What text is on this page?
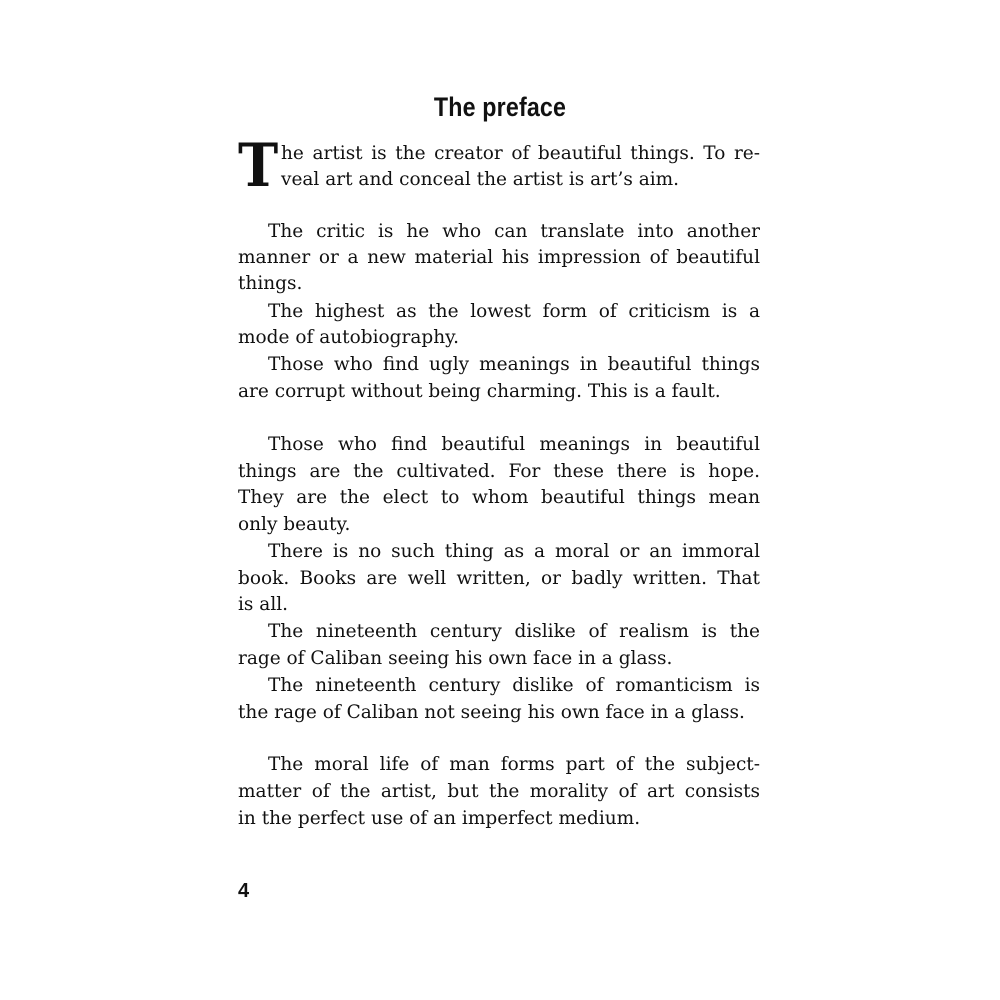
The preface
T he artist is the creator of beautiful things. To re-
veal art and conceal the artist is art’s aim.
The critic is he who can translate into another
manner or a new material his impression of beautiful
things.
The highest as the lowest form of criticism is a
mode of autobiography.
Those who find ugly meanings in beautiful things
are corrupt without being charming. This is a fault.
Those who find beautiful meanings in beautiful
things are the cultivated. For these there is hope.
They are the elect to whom beautiful things mean
only beauty.
There is no such thing as a moral or an immoral
book. Books are well written, or badly written. That
is all.
The nineteenth century dislike of realism is the
rage of Caliban seeing his own face in a glass.
The nineteenth century dislike of romanticism is
the rage of Caliban not seeing his own face in a glass.
The moral life of man forms part of the subject-
matter of the artist, but the morality of art consists
in the perfect use of an imperfect medium.
4
